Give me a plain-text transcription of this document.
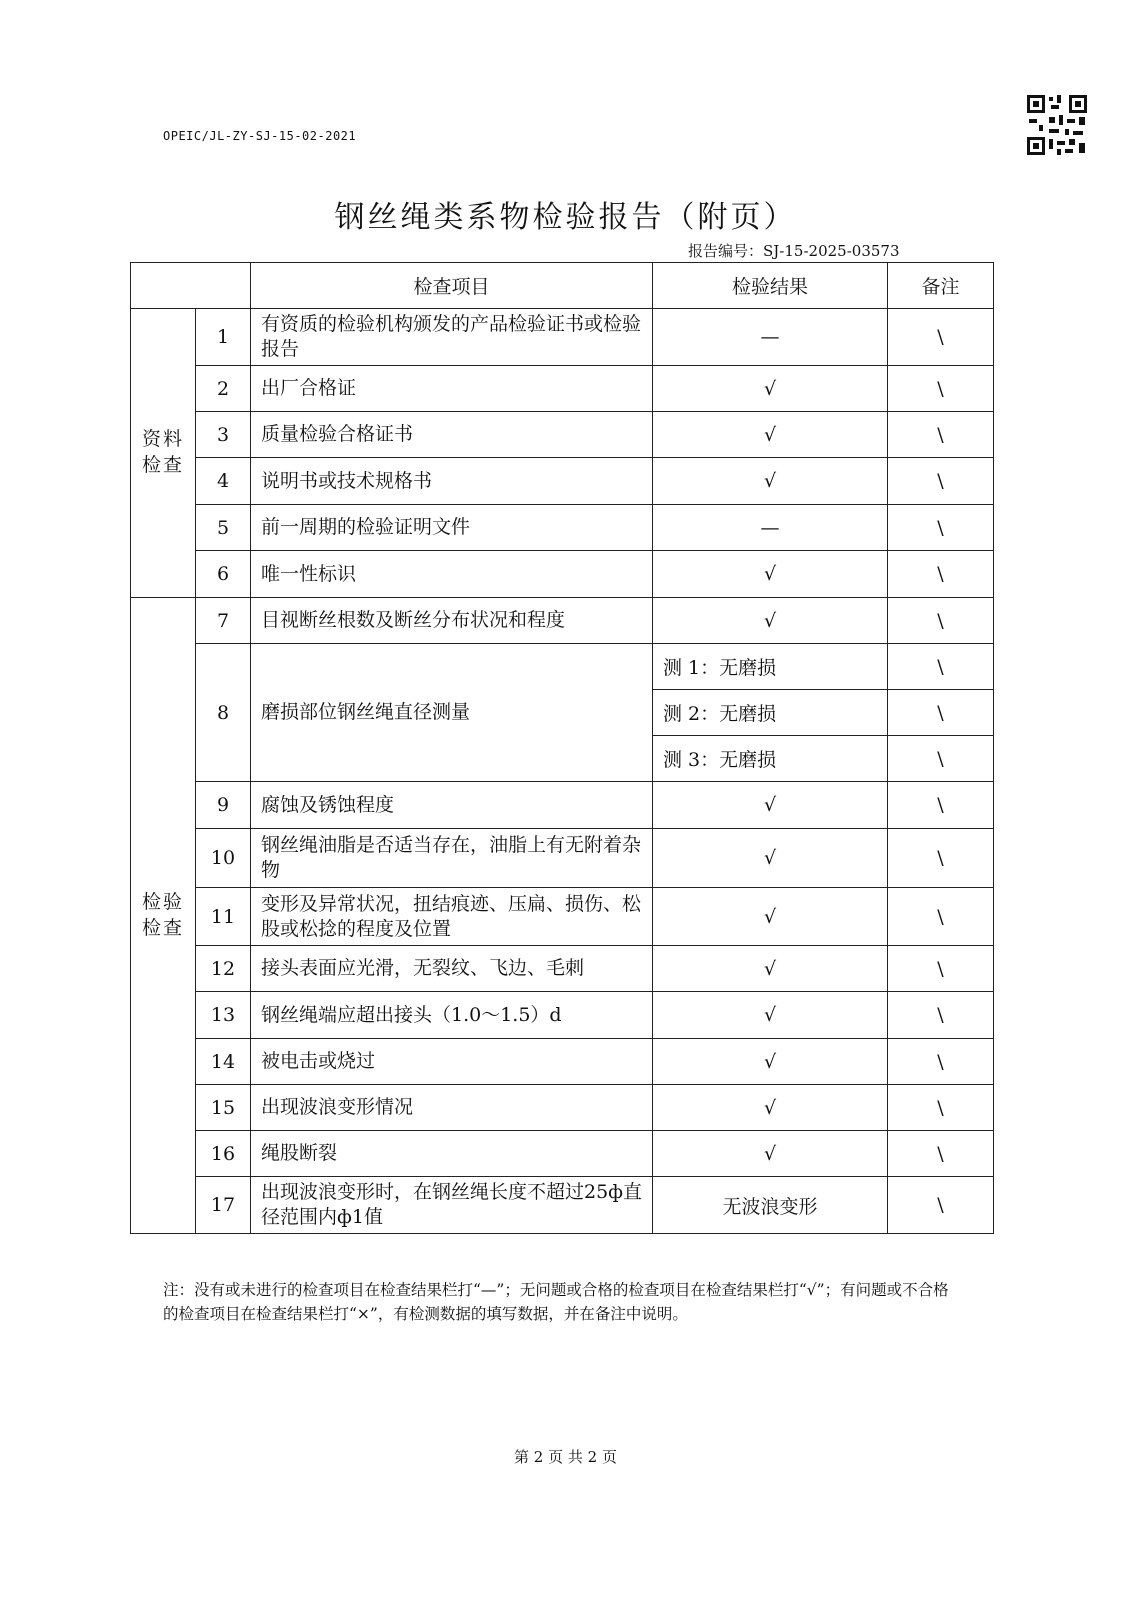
OPEIC/JL-ZY-SJ-15-02-2021
钢丝绳类系物检验报告（附页）
报告编号：SJ-15-2025-03573
		检查项目	检验结果	备注
资料检查	1	有资质的检验机构颁发的产品检验证书或检验报告	—	\
	2	出厂合格证	√	\
	3	质量检验合格证书	√	\
	4	说明书或技术规格书	√	\
	5	前一周期的检验证明文件	—	\
	6	唯一性标识	√	\
检验检查	7	目视断丝根数及断丝分布状况和程度	√	\
	8	磨损部位钢丝绳直径测量	测 1：无磨损	\
			测 2：无磨损	\
			测 3：无磨损	\
	9	腐蚀及锈蚀程度	√	\
	10	钢丝绳油脂是否适当存在，油脂上有无附着杂物	√	\
	11	变形及异常状况，扭结痕迹、压扁、损伤、松股或松捻的程度及位置	√	\
	12	接头表面应光滑，无裂纹、飞边、毛刺	√	\
	13	钢丝绳端应超出接头（1.0～1.5）d	√	\
	14	被电击或烧过	√	\
	15	出现波浪变形情况	√	\
	16	绳股断裂	√	\
	17	出现波浪变形时，在钢丝绳长度不超过25ф直径范围内ф1值	无波浪变形	\
注：没有或未进行的检查项目在检查结果栏打“—”；无问题或合格的检查项目在检查结果栏打“√”；有问题或不合格的检查项目在检查结果栏打“×”，有检测数据的填写数据，并在备注中说明。
第 2 页 共 2 页
